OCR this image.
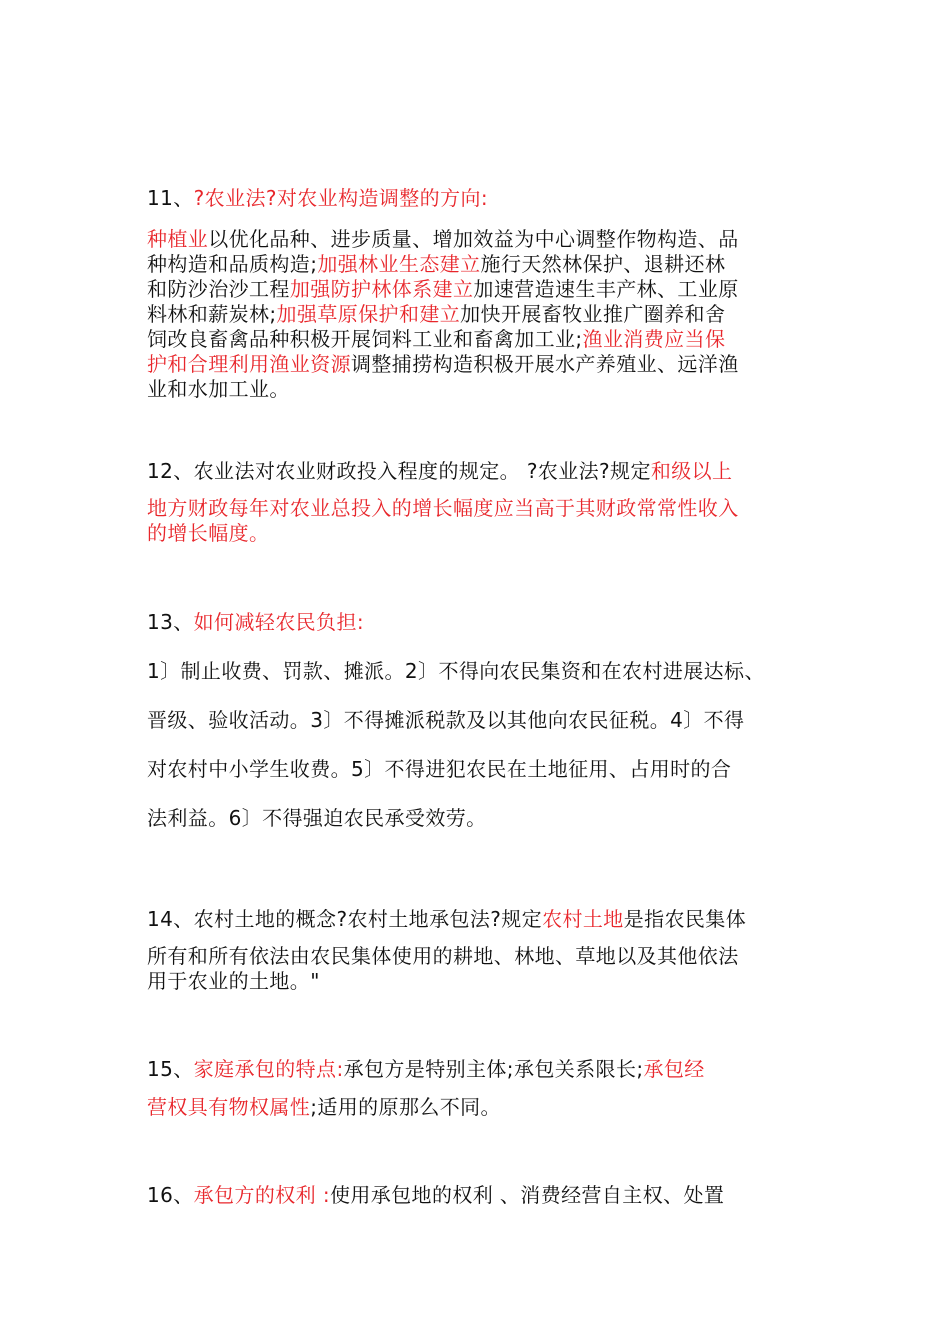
11、?农业法?对农业构造调整的方向:
种植业以优化品种、进步质量、增加效益为中心调整作物构造、品
种构造和品质构造;加强林业生态建立施行天然林保护、退耕还林
和防沙治沙工程加强防护林体系建立加速营造速生丰产林、工业原
料林和薪炭林;加强草原保护和建立加快开展畜牧业推广圈养和舍
饲改良畜禽品种积极开展饲料工业和畜禽加工业;渔业消费应当保
护和合理利用渔业资源调整捕捞构造积极开展水产养殖业、远洋渔
业和水加工业。
12、农业法对农业财政投入程度的规定。 ?农业法?规定和级以上
地方财政每年对农业总投入的增长幅度应当高于其财政常常性收入
的增长幅度。
13、如何减轻农民负担:
1〕制止收费、罚款、摊派。2〕不得向农民集资和在农村进展达标、
晋级、验收活动。3〕不得摊派税款及以其他向农民征税。4〕不得
对农村中小学生收费。5〕不得进犯农民在土地征用、占用时的合
法利益。6〕不得强迫农民承受效劳。
14、农村土地的概念?农村土地承包法?规定农村土地是指农民集体
所有和所有依法由农民集体使用的耕地、林地、草地以及其他依法
用于农业的土地。"
15、家庭承包的特点:承包方是特别主体;承包关系限长;承包经
营权具有物权属性;适用的原那么不同。
16、承包方的权利 :使用承包地的权利 、消费经营自主权、处置
